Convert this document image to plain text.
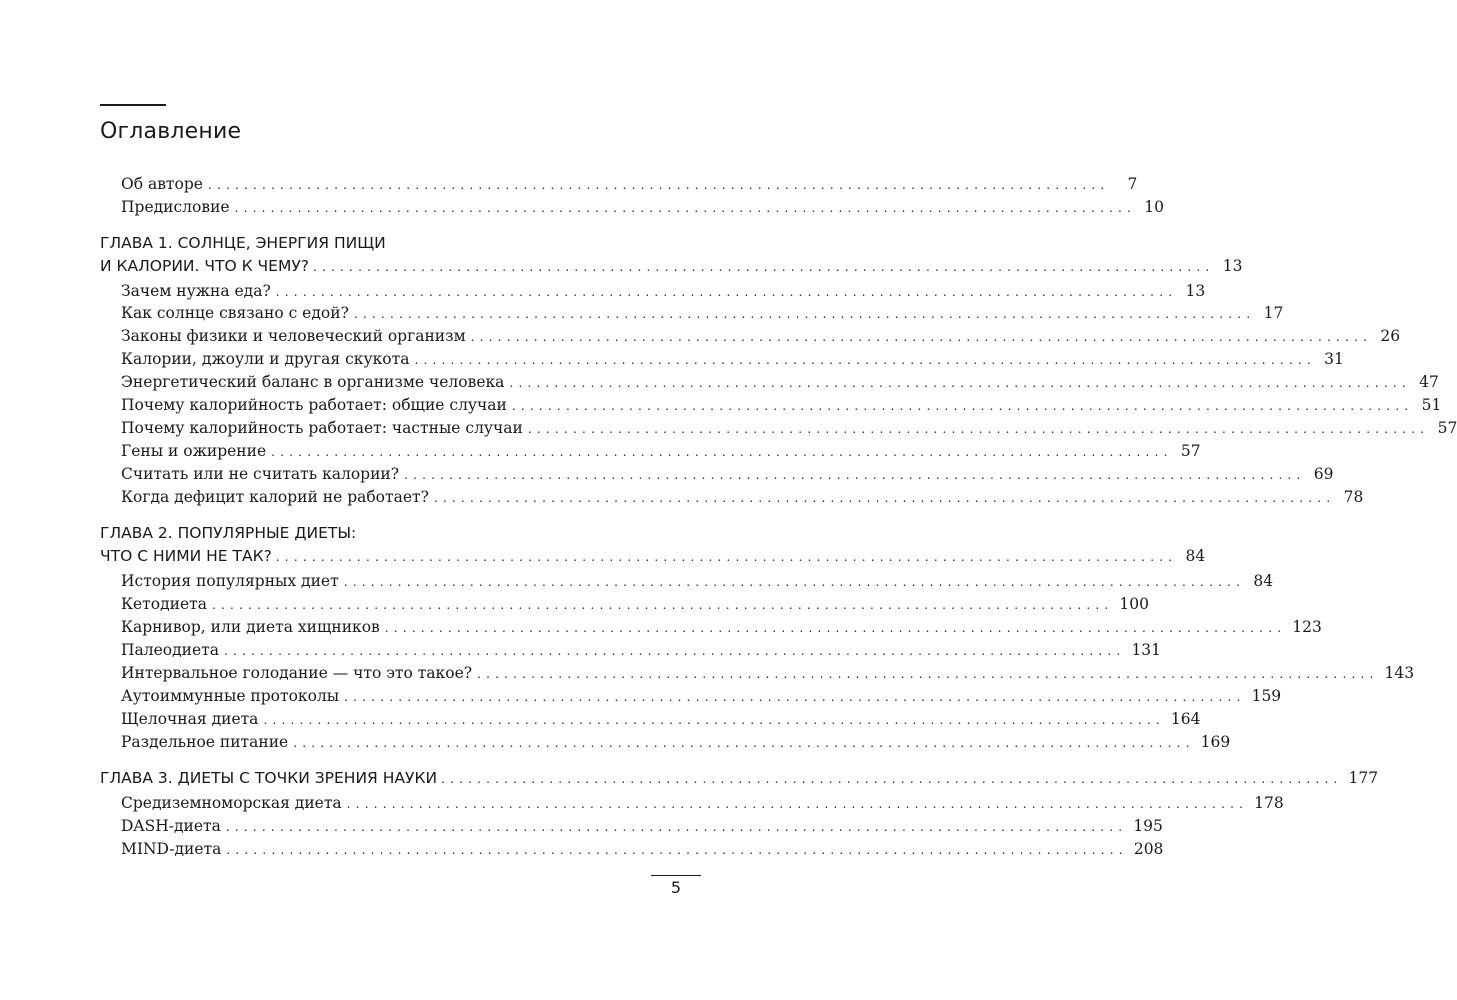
Оглавление
Об авторе ....................................................................................................	7
Предисловие .................................................................................................... 10
ГЛАВА 1. СОЛНЦЕ, ЭНЕРГИЯ ПИЩИ
И КАЛОРИИ. ЧТО К ЧЕМУ? .................................................................................................... 13
Зачем нужна еда? .................................................................................................... 13
Как солнце связано с едой? .................................................................................................... 17
Законы физики и человеческий организм .................................................................................................... 26
Калории, джоули и другая скукота .................................................................................................... 31
Энергетический баланс в организме человека .................................................................................................... 47
Почему калорийность работает: общие случаи .................................................................................................... 51
Почему калорийность работает: частные случаи .................................................................................................... 57
Гены и ожирение .................................................................................................... 57
Считать или не считать калории? .................................................................................................... 69
Когда дефицит калорий не работает? .................................................................................................... 78
ГЛАВА 2. ПОПУЛЯРНЫЕ ДИЕТЫ:
ЧТО С НИМИ НЕ ТАК? .................................................................................................... 84
История популярных диет .................................................................................................... 84
Кетодиета .................................................................................................... 100
Карнивор, или диета хищников .................................................................................................... 123
Палеодиета .................................................................................................... 131
Интервальное голодание — что это такое? .................................................................................................... 143
Аутоиммунные протоколы .................................................................................................... 159
Щелочная диета .................................................................................................... 164
Раздельное питание .................................................................................................... 169
ГЛАВА 3. ДИЕТЫ С ТОЧКИ ЗРЕНИЯ НАУКИ .................................................................................................... 177
Средиземноморская диета .................................................................................................... 178
DASH-диета .................................................................................................... 195
MIND-диета .................................................................................................... 208
5
